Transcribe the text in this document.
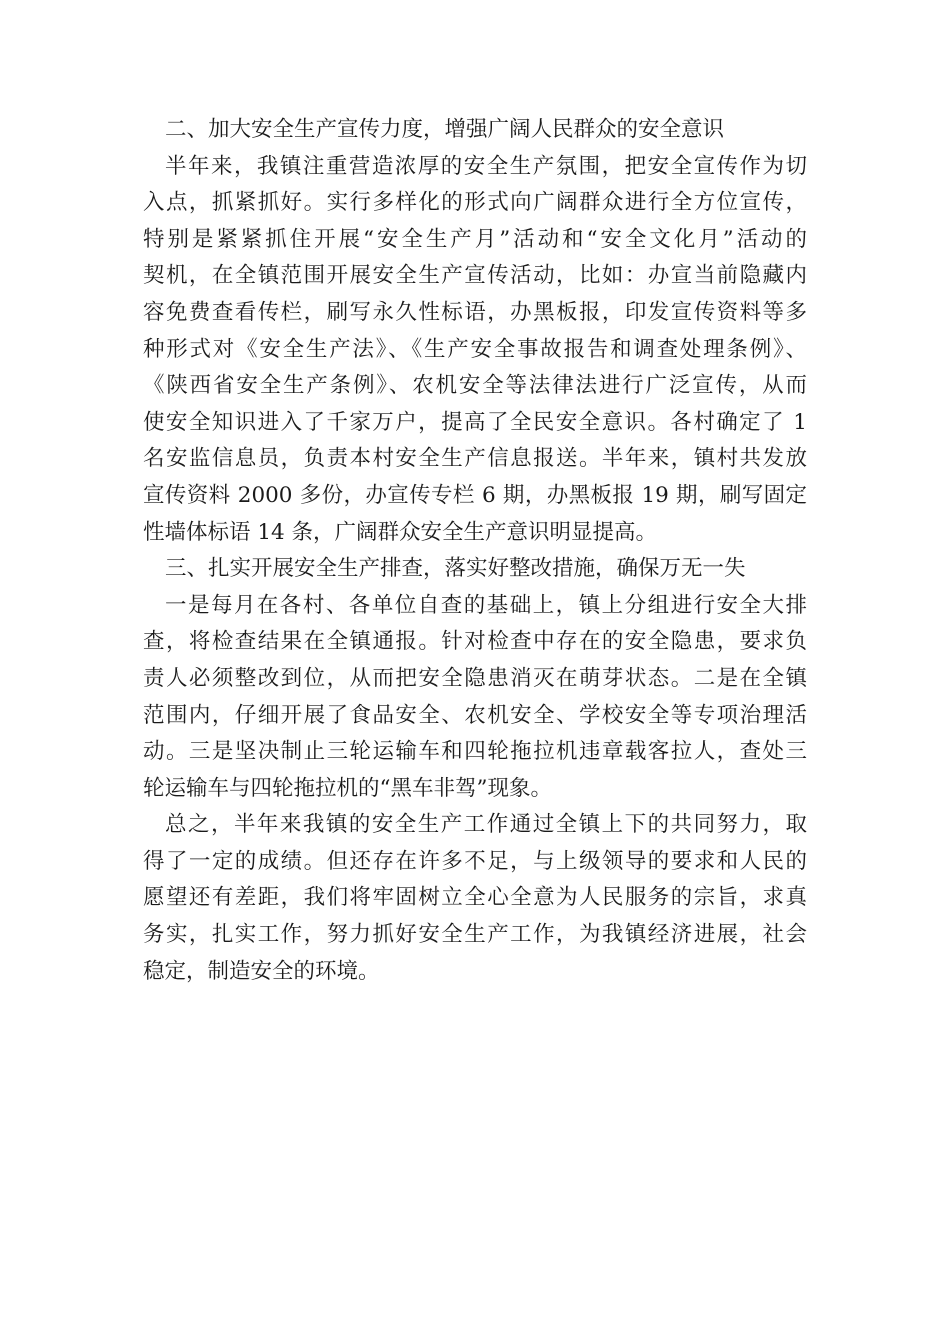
二、加大安全生产宣传力度，增强广阔人民群众的安全意识
半年来，我镇注重营造浓厚的安全生产氛围，把安全宣传作为切
入点，抓紧抓好。实行多样化的形式向广阔群众进行全方位宣传，
特别是紧紧抓住开展“安全生产月”活动和“安全文化月”活动的
契机，在全镇范围开展安全生产宣传活动，比如：办宣当前隐藏内
容免费查看传栏，刷写永久性标语，办黑板报，印发宣传资料等多
种形式对《安全生产法》、《生产安全事故报告和调查处理条例》、
《陕西省安全生产条例》、农机安全等法律法进行广泛宣传，从而
使安全知识进入了千家万户，提高了全民安全意识。各村确定了 1
名安监信息员，负责本村安全生产信息报送。半年来，镇村共发放
宣传资料 2000 多份，办宣传专栏 6 期，办黑板报 19 期，刷写固定
性墙体标语 14 条，广阔群众安全生产意识明显提高。
三、扎实开展安全生产排查，落实好整改措施，确保万无一失
一是每月在各村、各单位自查的基础上，镇上分组进行安全大排
查，将检查结果在全镇通报。针对检查中存在的安全隐患，要求负
责人必须整改到位，从而把安全隐患消灭在萌芽状态。二是在全镇
范围内，仔细开展了食品安全、农机安全、学校安全等专项治理活
动。三是坚决制止三轮运输车和四轮拖拉机违章载客拉人，查处三
轮运输车与四轮拖拉机的“黑车非驾”现象。
总之，半年来我镇的安全生产工作通过全镇上下的共同努力，取
得了一定的成绩。但还存在许多不足，与上级领导的要求和人民的
愿望还有差距，我们将牢固树立全心全意为人民服务的宗旨，求真
务实，扎实工作，努力抓好安全生产工作，为我镇经济进展，社会
稳定，制造安全的环境。
